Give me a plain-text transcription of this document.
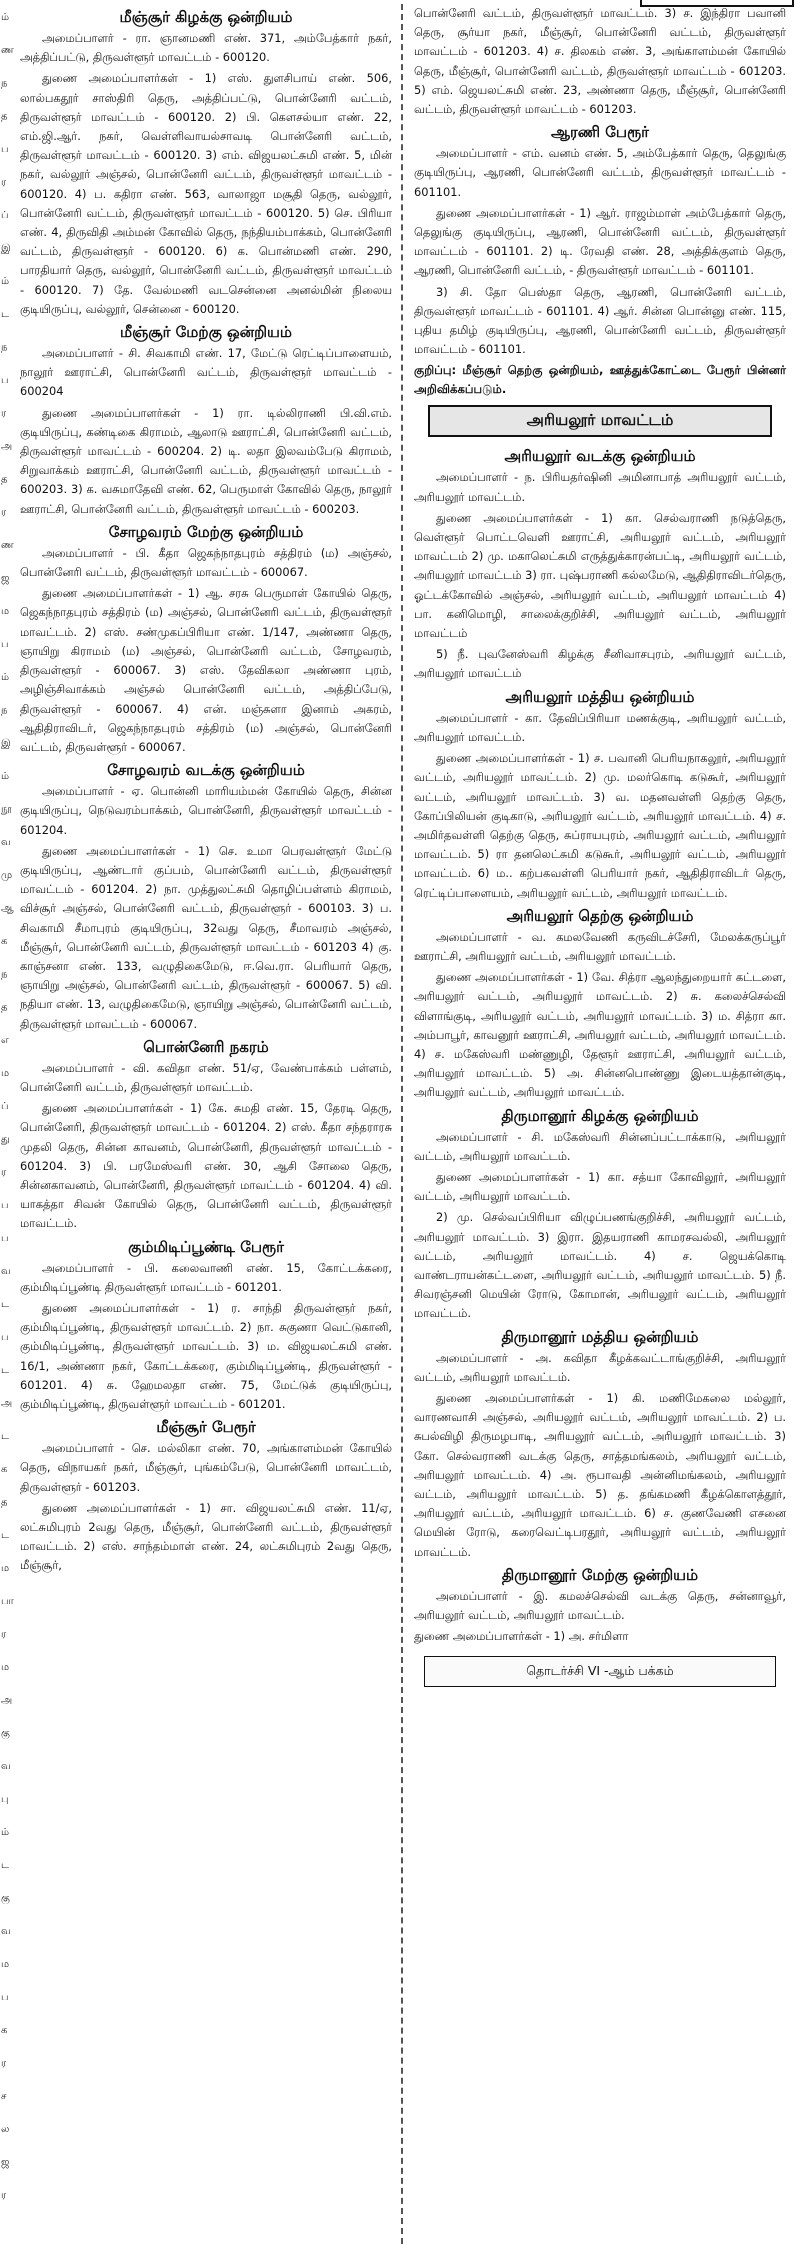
ம்
ண
ந
த
ப
ர
ப்
இ
ம்
ட
ந
ப
ர
அ
த
ர
ண
ஜ
ம
ப
ம்
ந
இ
ம்
நூ
வ
மு
ஆ
க
ந
த
எ
ம
ப்
து
ர
ப
ப
வ
ட
ப
ட
அ
ட
க
த
ட
ம
பா
ர
ம
அ
கு
வ
பு
ம்
ட
கு
வ
ம
ப
க
ர
ச
ல
ஜ
ர
மீஞ்சூர் கிழக்கு ஒன்றியம்

அமைப்பாளர் - ரா. ஞானமணி எண். 371, அம்பேத்கார் நகர், அத்திப்பட்டு, திருவள்ளூர் மாவட்டம் - 600120.

துணை அமைப்பாளர்கள் - 1) எஸ். துளசிபாய் எண். 506, லால்பகதூர் சாஸ்திரி தெரு, அத்திப்பட்டு, பொன்னேரி வட்டம், திருவள்ளூர் மாவட்டம் - 600120. 2) பி. கௌசல்யா எண். 22, எம்.ஜி.ஆர். நகர், வெள்ளிவாயல்சாவடி பொன்னேரி வட்டம், திருவள்ளூர் மாவட்டம் - 600120. 3) எம். விஜயலட்சுமி எண். 5, மின் நகர், வல்லூர் அஞ்சல், பொன்னேரி வட்டம், திருவள்ளூர் மாவட்டம் - 600120. 4) ப. கதிரா எண். 563, வாலாஜா மசூதி தெரு, வல்லூர், பொன்னேரி வட்டம், திருவள்ளூர் மாவட்டம் - 600120. 5) செ. பிரியா எண். 4, திருவிதி அம்மன் கோவில் தெரு, நந்தியம்பாக்கம், பொன்னேரி வட்டம், திருவள்ளூர் - 600120. 6) க. பொன்மணி எண். 290, பாரதியார் தெரு, வல்லூர், பொன்னேரி வட்டம், திருவள்ளூர் மாவட்டம் - 600120. 7) தே. வேல்மணி வடசென்னை அனல்மின் நிலைய குடியிருப்பு, வல்லூர், சென்னை - 600120.

மீஞ்சூர் மேற்கு ஒன்றியம்

அமைப்பாளர் - சி. சிவகாமி எண். 17, மேட்டு ரெட்டிப்பாளையம், நாலூர் ஊராட்சி, பொன்னேரி வட்டம், திருவள்ளூர் மாவட்டம் - 600204

துணை அமைப்பாளர்கள் - 1) ரா. டில்லிராணி பி.வி.எம். குடியிருப்பு, கண்டிகை கிராமம், ஆலாடு ஊராட்சி, பொன்னேரி வட்டம், திருவள்ளூர் மாவட்டம் - 600204. 2) டி. லதா இலவம்பேடு கிராமம், சிறுவாக்கம் ஊராட்சி, பொன்னேரி வட்டம், திருவள்ளூர் மாவட்டம் - 600203. 3) க. வசுமாதேவி எண். 62, பெருமாள் கோவில் தெரு, நாலூர் ஊராட்சி, பொன்னேரி வட்டம், திருவள்ளூர் மாவட்டம் - 600203.

சோழவரம் மேற்கு ஒன்றியம்

அமைப்பாளர் - பி. கீதா ஜெகந்நாதபுரம் சத்திரம் (ம) அஞ்சல், பொன்னேரி வட்டம், திருவள்ளூர் மாவட்டம் - 600067.

துணை அமைப்பாளர்கள் - 1) ஆ. சரசு பெருமாள் கோயில் தெரு, ஜெகந்நாதபுரம் சத்திரம் (ம) அஞ்சல், பொன்னேரி வட்டம், திருவள்ளூர் மாவட்டம். 2) எஸ். சண்முகப்பிரியா எண். 1/147, அண்ணா தெரு, ஞாயிறு கிராமம் (ம) அஞ்சல், பொன்னேரி வட்டம், சோழவரம், திருவள்ளூர் - 600067. 3) எஸ். தேவிகலா அண்ணா புரம், அழிஞ்சிவாக்கம் அஞ்சல் பொன்னேரி வட்டம், அத்திப்பேடு, திருவள்ளூர் - 600067. 4) என். மஞ்சுளா இனாம் அகரம், ஆதிதிராவிடர், ஜெகந்நாதபுரம் சத்திரம் (ம) அஞ்சல், பொன்னேரி வட்டம், திருவள்ளூர் - 600067.

சோழவரம் வடக்கு ஒன்றியம்

அமைப்பாளர் - ஏ. பொன்னி மாரியம்மன் கோயில் தெரு, சின்ன குடியிருப்பு, நெடுவரம்பாக்கம், பொன்னேரி, திருவள்ளூர் மாவட்டம் - 601204.

துணை அமைப்பாளர்கள் - 1) செ. உமா பெரவள்ளூர் மேட்டு குடியிருப்பு, ஆண்டார் குப்பம், பொன்னேரி வட்டம், திருவள்ளூர் மாவட்டம் - 601204. 2) நா. முத்துலட்சுமி தொழிப்பள்ளம் கிராமம், விச்சூர் அஞ்சல், பொன்னேரி வட்டம், திருவள்ளூர் - 600103. 3) ப. சிவகாமி சீமாபுரம் குடியிருப்பு, 32வது தெரு, சீமாவரம் அஞ்சல், மீஞ்சூர், பொன்னேரி வட்டம், திருவள்ளூர் மாவட்டம் - 601203 4) கு. காஞ்சனா எண். 133, வழுதிகைமேடு, ஈ.வெ.ரா. பெரியார் தெரு, ஞாயிறு அஞ்சல், பொன்னேரி வட்டம், திருவள்ளூர் - 600067. 5) வி. நதியா எண். 13, வழுதிகைமேடு, ஞாயிறு அஞ்சல், பொன்னேரி வட்டம், திருவள்ளூர் மாவட்டம் - 600067.

பொன்னேரி நகரம்

அமைப்பாளர் - வி. கவிதா எண். 51/ஏ, வேண்பாக்கம் பள்ளம், பொன்னேரி வட்டம், திருவள்ளூர் மாவட்டம்.

துணை அமைப்பாளர்கள் - 1) கே. சுமதி எண். 15, தேரடி தெரு, பொன்னேரி, திருவள்ளூர் மாவட்டம் - 601204. 2) எஸ். கீதா சந்தராரசு முதலி தெரு, சின்ன காவனம், பொன்னேரி, திருவள்ளூர் மாவட்டம் - 601204. 3) பி. பரமேஸ்வரி எண். 30, ஆசி சோலை தெரு, சின்னகாவனம், பொன்னேரி, திருவள்ளூர் மாவட்டம் - 601204. 4) வி. யாகத்தா சிவன் கோயில் தெரு, பொன்னேரி வட்டம், திருவள்ளூர் மாவட்டம்.

கும்மிடிப்பூண்டி பேரூர்

அமைப்பாளர் - பி. கலைவாணி எண். 15, கோட்டக்கரை, கும்மிடிப்பூண்டி திருவள்ளூர் மாவட்டம் - 601201.

துணை அமைப்பாளர்கள் - 1) ர. சாந்தி திருவள்ளூர் நகர், கும்மிடிப்பூண்டி, திருவள்ளூர் மாவட்டம். 2) நா. சுகுணா வெட்டுகானி, கும்மிடிப்பூண்டி, திருவள்ளூர் மாவட்டம். 3) ம. விஜயலட்சுமி எண். 16/1, அண்ணா நகர், கோட்டக்கரை, கும்மிடிப்பூண்டி, திருவள்ளூர் - 601201. 4) சு. ஹேமலதா எண். 75, மேட்டுக் குடியிருப்பு, கும்மிடிப்பூண்டி, திருவள்ளூர் மாவட்டம் - 601201.

மீஞ்சூர் பேரூர்

அமைப்பாளர் - செ. மல்லிகா எண். 70, அங்காளம்மன் கோயில் தெரு, விநாயகர் நகர், மீஞ்சூர், புங்கம்பேடு, பொன்னேரி மாவட்டம், திருவள்ளூர் - 601203.

துணை அமைப்பாளர்கள் - 1) சா. விஜயலட்சுமி எண். 11/ஏ, லட்சுமிபுரம் 2வது தெரு, மீஞ்சூர், பொன்னேரி வட்டம், திருவள்ளூர் மாவட்டம். 2) எஸ். சாந்தம்மாள் எண். 24, லட்சுமிபுரம் 2வது தெரு, மீஞ்சூர்,

பொன்னேரி வட்டம், திருவள்ளூர் மாவட்டம். 3) ச. இந்திரா பவானி தெரு, சூர்யா நகர், மீஞ்சூர், பொன்னேரி வட்டம், திருவள்ளூர் மாவட்டம் - 601203. 4) ச. திலகம் எண். 3, அங்காளம்மன் கோயில் தெரு, மீஞ்சூர், பொன்னேரி வட்டம், திருவள்ளூர் மாவட்டம் - 601203. 5) எம். ஜெயலட்சுமி எண். 23, அண்ணா தெரு, மீஞ்சூர், பொன்னேரி வட்டம், திருவள்ளூர் மாவட்டம் - 601203.

ஆரணி பேரூர்

அமைப்பாளர் - எம். வனம் எண். 5, அம்பேத்கார் தெரு, தெலுங்கு குடியிருப்பு, ஆரணி, பொன்னேரி வட்டம், திருவள்ளூர் மாவட்டம் - 601101.

துணை அமைப்பாளர்கள் - 1) ஆர். ராஜம்மாள் அம்பேத்கார் தெரு, தெலுங்கு குடியிருப்பு, ஆரணி, பொன்னேரி வட்டம், திருவள்ளூர் மாவட்டம் - 601101. 2) டி. ரேவதி எண். 28, அத்திக்குளம் தெரு, ஆரணி, பொன்னேரி வட்டம், - திருவள்ளூர் மாவட்டம் - 601101.

3) சி. தோ பெஸ்தா தெரு, ஆரணி, பொன்னேரி வட்டம், திருவள்ளூர் மாவட்டம் - 601101. 4) ஆர். சின்ன பொன்னு எண். 115, புதிய தமிழ் குடியிருப்பு, ஆரணி, பொன்னேரி வட்டம், திருவள்ளூர் மாவட்டம் - 601101.

குறிப்பு: மீஞ்சூர் தெற்கு ஒன்றியம், ஊத்துக்கோட்டை பேரூர் பின்னர் அறிவிக்கப்படும்.

அரியலூர் மாவட்டம்
அரியலூர் வடக்கு ஒன்றியம்

அமைப்பாளர் - ந. பிரியதர்ஷினி அமினாபாத் அரியலூர் வட்டம், அரியலூர் மாவட்டம்.

துணை அமைப்பாளர்கள் - 1) கா. செல்வராணி நடுத்தெரு, வெள்ளூர் பொட்டவெளி ஊராட்சி, அரியலூர் வட்டம், அரியலூர் மாவட்டம் 2) மு. மகாலெட்சுமி எருத்துக்காரன்பட்டி, அரியலூர் வட்டம், அரியலூர் மாவட்டம் 3) ரா. புஷ்பராணி கல்லமேடு, ஆதிதிராவிடர்தெரு, ஓட்டக்கோவில் அஞ்சல், அரியலூர் வட்டம், அரியலூர் மாவட்டம் 4) பா. கனிமொழி, சாலைக்குறிச்சி, அரியலூர் வட்டம், அரியலூர் மாவட்டம்

5) நீ. புவனேஸ்வரி கிழக்கு சீனிவாசபுரம், அரியலூர் வட்டம், அரியலூர் மாவட்டம்

அரியலூர் மத்திய ஒன்றியம்

அமைப்பாளர் - கா. தேவிப்பிரியா மணக்குடி, அரியலூர் வட்டம், அரியலூர் மாவட்டம்.

துணை அமைப்பாளர்கள் - 1) ச. பவானி பெரியநாகலூர், அரியலூர் வட்டம், அரியலூர் மாவட்டம். 2) மு. மலர்கொடி கடுகூர், அரியலூர் வட்டம், அரியலூர் மாவட்டம். 3) வ. மதனவள்ளி தெற்கு தெரு, கோப்பிலியன் குடிகாடு, அரியலூர் வட்டம், அரியலூர் மாவட்டம். 4) ச. அமிர்தவள்ளி தெற்கு தெரு, சுப்ராயபுரம், அரியலூர் வட்டம், அரியலூர் மாவட்டம். 5) ரா தனலெட்சுமி கடுகூர், அரியலூர் வட்டம், அரியலூர் மாவட்டம். 6) ம.. கற்பகவள்ளி பெரியார் நகர், ஆதிதிராவிடர் தெரு, ரெட்டிப்பாளையம், அரியலூர் வட்டம், அரியலூர் மாவட்டம்.

அரியலூர் தெற்கு ஒன்றியம்

அமைப்பாளர் - வ. கமலவேணி கருவிடச்சேரி, மேலக்கருப்பூர் ஊராட்சி, அரியலூர் வட்டம், அரியலூர் மாவட்டம்.

துணை அமைப்பாளர்கள் - 1) வே. சித்ரா ஆலந்துறையார் கட்டளை, அரியலூர் வட்டம், அரியலூர் மாவட்டம். 2) சு. கலைச்செல்வி விளாங்குடி, அரியலூர் வட்டம், அரியலூர் மாவட்டம். 3) ம. சித்ரா கா. அம்பாபூர், காவனூர் ஊராட்சி, அரியலூர் வட்டம், அரியலூர் மாவட்டம். 4) ச. மகேஸ்வரி மண்ணுழி, தேளூர் ஊராட்சி, அரியலூர் வட்டம், அரியலூர் மாவட்டம். 5) அ. சின்னபொண்ணு இடையத்தான்குடி, அரியலூர் வட்டம், அரியலூர் மாவட்டம்.

திருமானூர் கிழக்கு ஒன்றியம்

அமைப்பாளர் - சி. மகேஸ்வரி சின்னப்பட்டாக்காடு, அரியலூர் வட்டம், அரியலூர் மாவட்டம்.

துணை அமைப்பாளர்கள் - 1) கா. சத்யா கோவிலூர், அரியலூர் வட்டம், அரியலூர் மாவட்டம்.

2) மு. செல்வப்பிரியா விழுப்பணங்குறிச்சி, அரியலூர் வட்டம், அரியலூர் மாவட்டம். 3) இரா. இதயராணி காமரசவல்லி, அரியலூர் வட்டம், அரியலூர் மாவட்டம். 4) ச. ஜெயக்கொடி வாண்டராயன்கட்டளை, அரியலூர் வட்டம், அரியலூர் மாவட்டம். 5) நீ. சிவரஞ்சனி மெயின் ரோடு, கோமான், அரியலூர் வட்டம், அரியலூர் மாவட்டம்.

திருமானூர் மத்திய ஒன்றியம்

அமைப்பாளர் - அ. கவிதா கீழக்கவட்டாங்குறிச்சி, அரியலூர் வட்டம், அரியலூர் மாவட்டம்.

துணை அமைப்பாளர்கள் - 1) கி. மணிமேகலை மல்லூர், வாரணவாசி அஞ்சல், அரியலூர் வட்டம், அரியலூர் மாவட்டம். 2) ப. சுபல்விழி திருமழபாடி, அரியலூர் வட்டம், அரியலூர் மாவட்டம். 3) கோ. செல்வராணி வடக்கு தெரு, சாத்தமங்கலம், அரியலூர் வட்டம், அரியலூர் மாவட்டம். 4) அ. ரூபாவதி அன்னிமங்கலம், அரியலூர் வட்டம், அரியலூர் மாவட்டம். 5) த. தங்கமணி கீழக்கொளத்தூர், அரியலூர் வட்டம், அரியலூர் மாவட்டம். 6) ச. குணவேணி எசனை மெயின் ரோடு, கரைவெட்டிபரதூர், அரியலூர் வட்டம், அரியலூர் மாவட்டம்.

திருமானூர் மேற்கு ஒன்றியம்

அமைப்பாளர் - இ. கமலச்செல்வி வடக்கு தெரு, சன்னாவூர், அரியலூர் வட்டம், அரியலூர் மாவட்டம்.

துணை அமைப்பாளர்கள் - 1) அ. சர்மிளா

தொடர்ச்சி VI -ஆம் பக்கம்
